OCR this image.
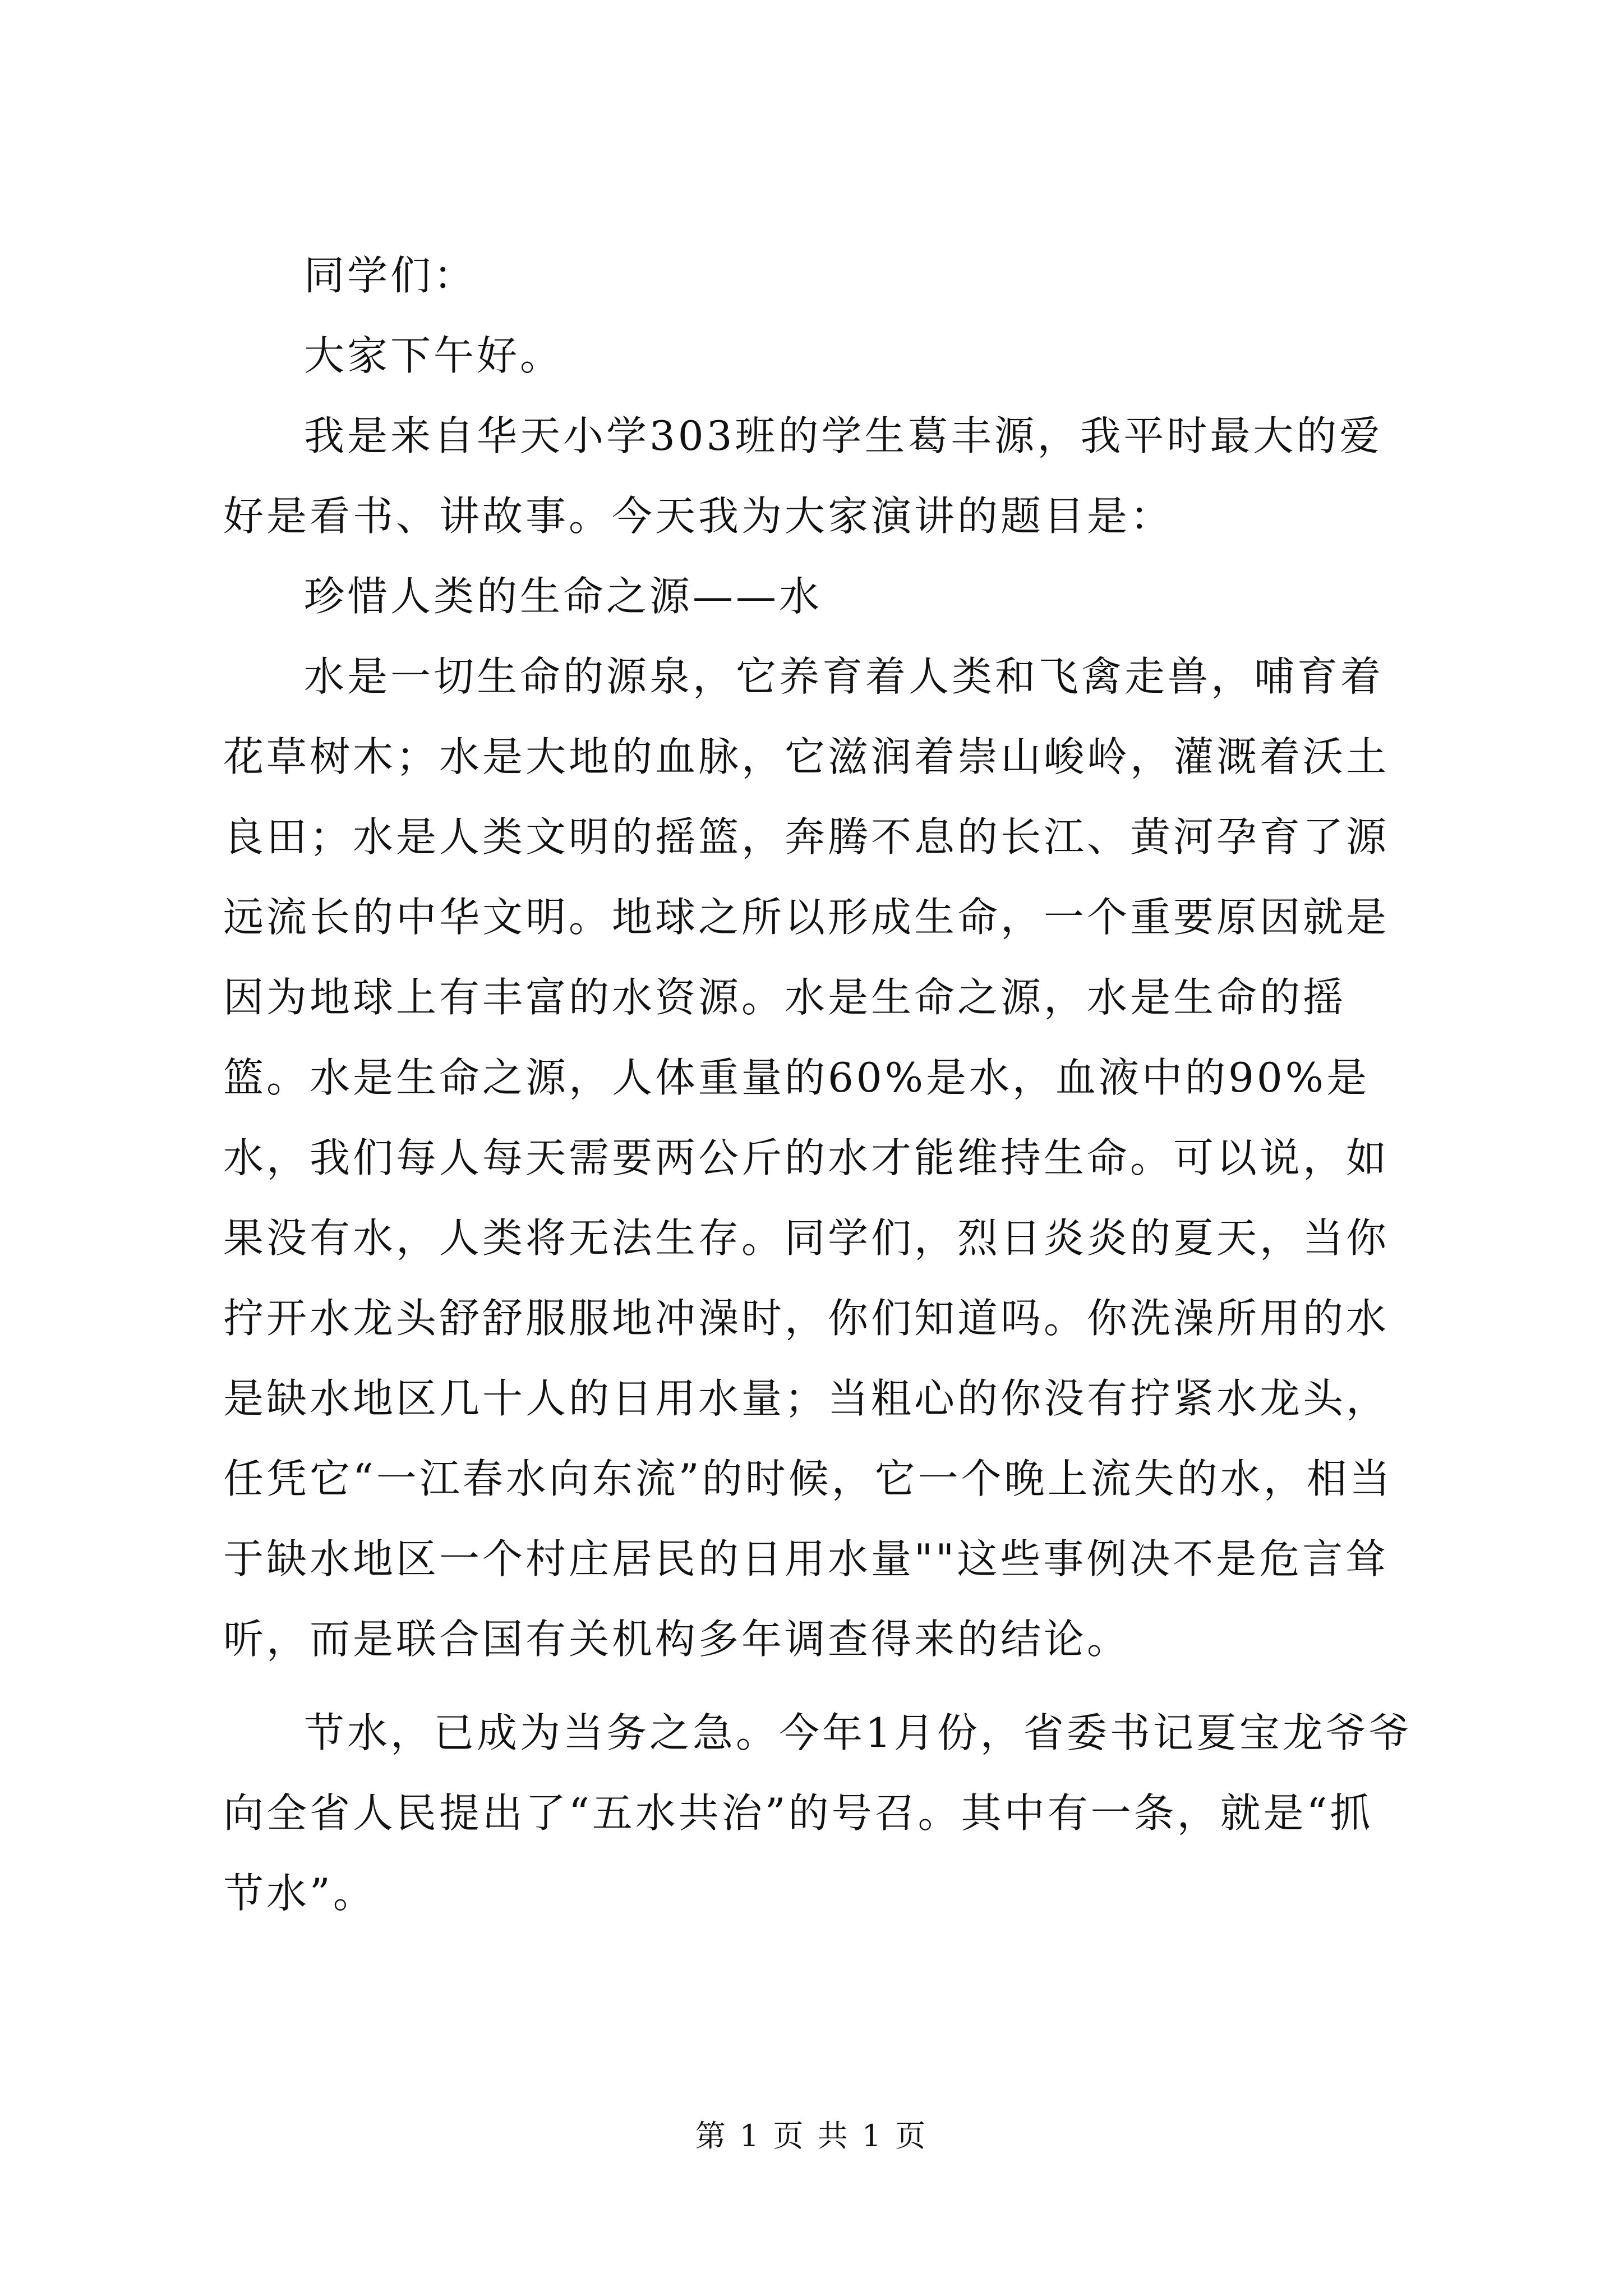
同学们：

大家下午好。

我是来自华天小学303班的学生葛丰源，我平时最大的爱好是看书、讲故事。今天我为大家演讲的题目是：

珍惜人类的生命之源——水

水是一切生命的源泉，它养育着人类和飞禽走兽，哺育着花草树木；水是大地的血脉，它滋润着崇山峻岭，灌溉着沃土良田；水是人类文明的摇篮，奔腾不息的长江、黄河孕育了源远流长的中华文明。地球之所以形成生命，一个重要原因就是因为地球上有丰富的水资源。水是生命之源，水是生命的摇篮。水是生命之源，人体重量的60%是水，血液中的90%是水，我们每人每天需要两公斤的水才能维持生命。可以说，如果没有水，人类将无法生存。同学们，烈日炎炎的夏天，当你拧开水龙头舒舒服服地冲澡时，你们知道吗。你洗澡所用的水是缺水地区几十人的日用水量；当粗心的你没有拧紧水龙头，任凭它“一江春水向东流”的时候，它一个晚上流失的水，相当于缺水地区一个村庄居民的日用水量""这些事例决不是危言耸听，而是联合国有关机构多年调查得来的结论。

节水，已成为当务之急。今年1月份，省委书记夏宝龙爷爷向全省人民提出了“五水共治”的号召。其中有一条，就是“抓节水”。

第 1 页 共 1 页
